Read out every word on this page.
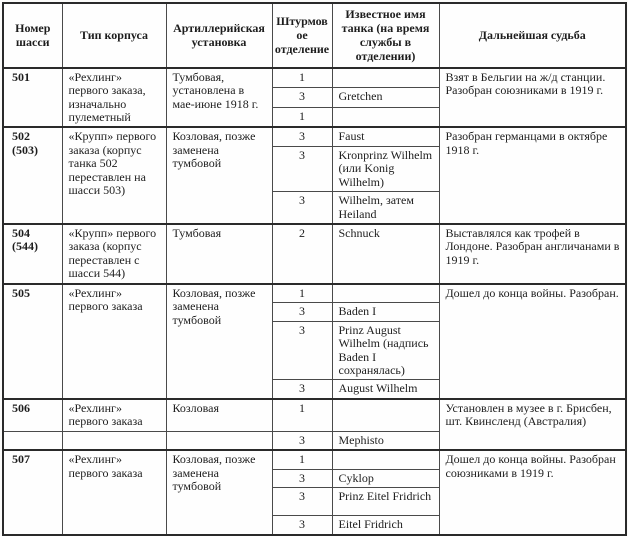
Номер шасси	Тип корпуса	Артиллерийская установка	Штурмовое отделение	Известное имя танка (на время службы в отделении)	Дальнейшая судьба
501	«Рехлинг» первого заказа, изначально пулеметный	Тумбовая, установлена в мае-июне 1918 г.	1		Взят в Бельгии на ж/д станции. Разобран союзниками в 1919 г.
			3	Gretchen	
			1		
502 (503)	«Крупп» первого заказа (корпус танка 502 переставлен на шасси 503)	Козловая, позже заменена тумбовой	3	Faust	Разобран германцами в октябре 1918 г.
			3	Kronprinz Wilhelm (или Konig Wilhelm)	
			3	Wilhelm, затем Heiland	
504 (544)	«Крупп» первого заказа (корпус переставлен с шасси 544)	Тумбовая	2	Schnuck	Выставлялся как трофей в Лондоне. Разобран англичанами в 1919 г.
505	«Рехлинг» первого заказа	Козловая, позже заменена тумбовой	1		Дошел до конца войны. Разобран.
			3	Baden I	
			3	Prinz August Wilhelm (надпись Baden I сохранялась)	
			3	August Wilhelm	
506	«Рехлинг» первого заказа	Козловая	1		Установлен в музее в г. Брисбен, шт. Квинсленд (Австралия)
			3	Mephisto	
507	«Рехлинг» первого заказа	Козловая, позже заменена тумбовой	1		Дошел до конца войны. Разобран союзниками в 1919 г.
			3	Cyklop	
			3	Prinz Eitel Fridrich	
			3	Eitel Fridrich	
